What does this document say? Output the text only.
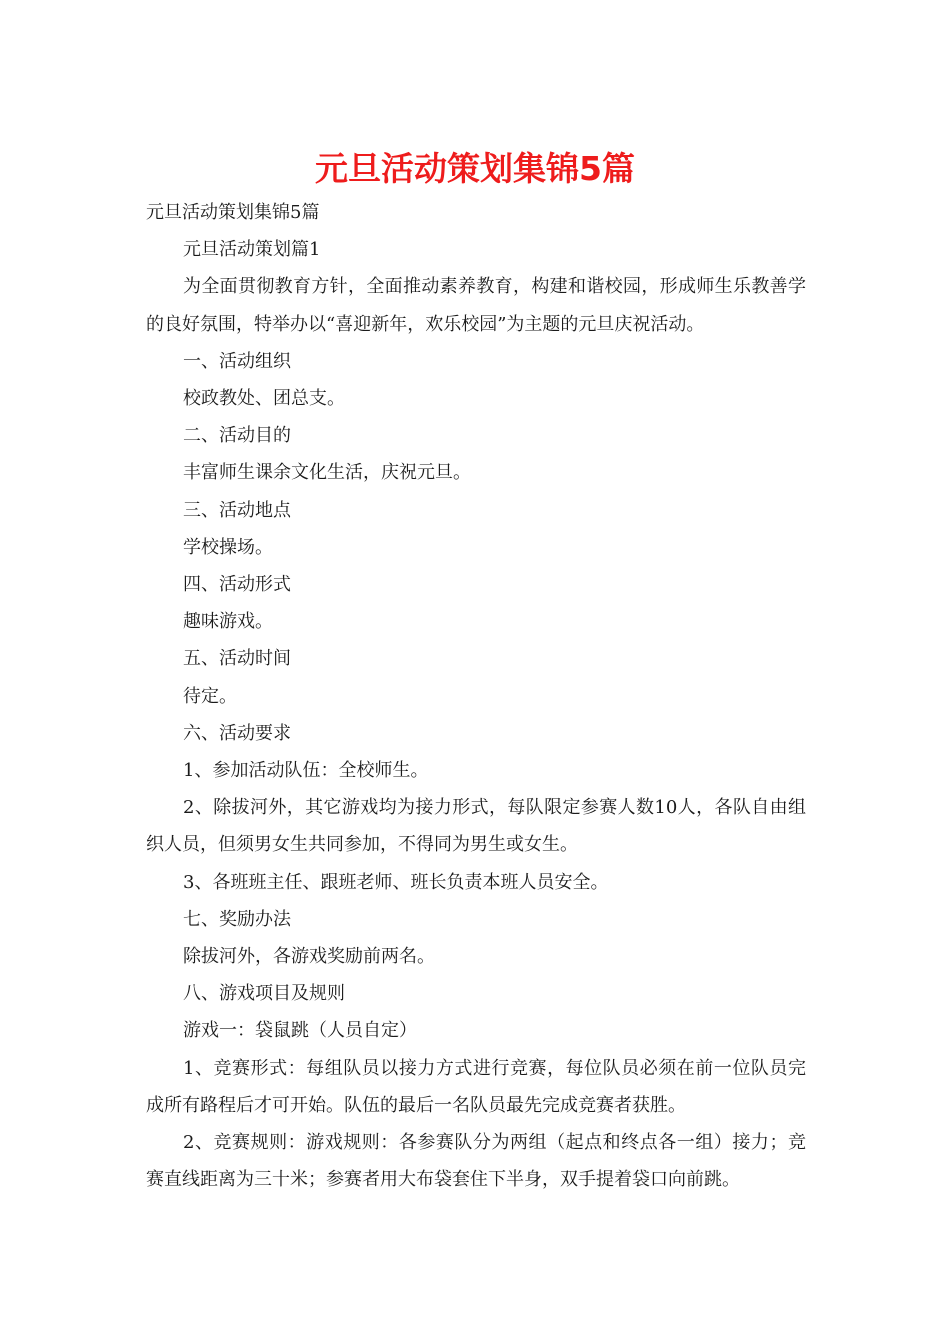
元旦活动策划集锦5篇

元旦活动策划集锦5篇

元旦活动策划篇1

为全面贯彻教育方针，全面推动素养教育，构建和谐校园，形成师生乐教善学的良好氛围，特举办以“喜迎新年，欢乐校园”为主题的元旦庆祝活动。

一、活动组织

校政教处、团总支。

二、活动目的

丰富师生课余文化生活，庆祝元旦。

三、活动地点

学校操场。

四、活动形式

趣味游戏。

五、活动时间

待定。

六、活动要求

1、参加活动队伍：全校师生。

2、除拔河外，其它游戏均为接力形式，每队限定参赛人数10人，各队自由组织人员，但须男女生共同参加，不得同为男生或女生。

3、各班班主任、跟班老师、班长负责本班人员安全。

七、奖励办法

除拔河外，各游戏奖励前两名。

八、游戏项目及规则

游戏一：袋鼠跳（人员自定）

1、竞赛形式：每组队员以接力方式进行竞赛，每位队员必须在前一位队员完成所有路程后才可开始。队伍的最后一名队员最先完成竞赛者获胜。

2、竞赛规则：游戏规则：各参赛队分为两组（起点和终点各一组）接力；竞赛直线距离为三十米；参赛者用大布袋套住下半身，双手提着袋口向前跳。
